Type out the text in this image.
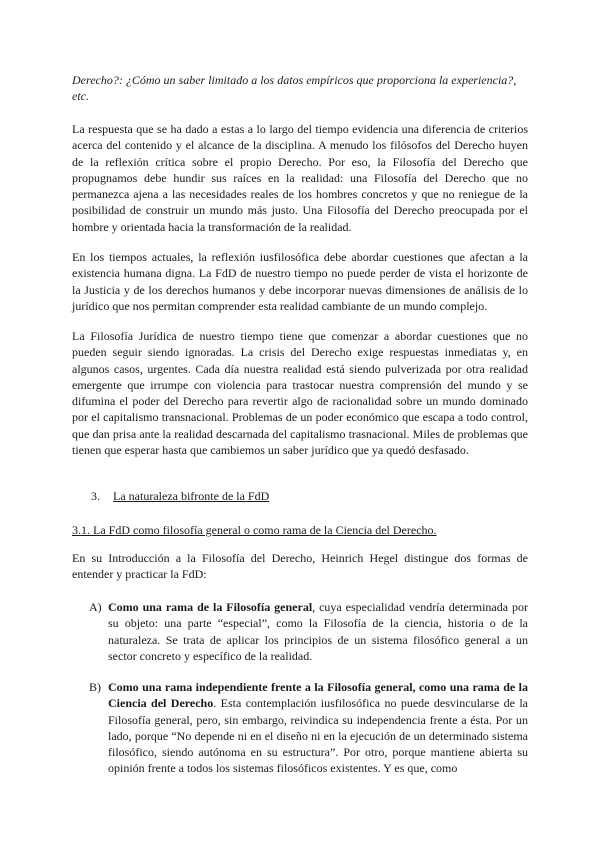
Derecho?: ¿Cómo un saber limitado a los datos empíricos que proporciona la experiencia?, etc.

La respuesta que se ha dado a estas a lo largo del tiempo evidencia una diferencia de criterios acerca del contenido y el alcance de la disciplina. A menudo los filósofos del Derecho huyen de la reflexión crítica sobre el propio Derecho. Por eso, la Filosofía del Derecho que propugnamos debe hundir sus raíces en la realidad: una Filosofía del Derecho que no permanezca ajena a las necesidades reales de los hombres concretos y que no reniegue de la posibilidad de construir un mundo más justo. Una Filosofía del Derecho preocupada por el hombre y orientada hacia la transformación de la realidad.

En los tiempos actuales, la reflexión iusfilosófica debe abordar cuestiones que afectan a la existencia humana digna. La FdD de nuestro tiempo no puede perder de vista el horizonte de la Justicia y de los derechos humanos y debe incorporar nuevas dimensiones de análisis de lo jurídico que nos permitan comprender esta realidad cambiante de un mundo complejo.

La Filosofía Jurídica de nuestro tiempo tiene que comenzar a abordar cuestiones que no pueden seguir siendo ignoradas. La crisis del Derecho exige respuestas inmediatas y, en algunos casos, urgentes. Cada día nuestra realidad está siendo pulverizada por otra realidad emergente que irrumpe con violencia para trastocar nuestra comprensión del mundo y se difumina el poder del Derecho para revertir algo de racionalidad sobre un mundo dominado por el capitalismo transnacional. Problemas de un poder económico que escapa a todo control, que dan prisa ante la realidad descarnada del capitalismo trasnacional. Miles de problemas que tienen que esperar hasta que cambiemos un saber jurídico que ya quedó desfasado.

3. La naturaleza bifronte de la FdD

3.1. La FdD como filosofía general o como rama de la Ciencia del Derecho.

En su Introducción a la Filosofía del Derecho, Heinrich Hegel distingue dos formas de entender y practicar la FdD:

A) Como una rama de la Filosofía general, cuya especialidad vendría determinada por su objeto: una parte “especial”, como la Filosofía de la ciencia, historia o de la naturaleza. Se trata de aplicar los principios de un sistema filosófico general a un sector concreto y específico de la realidad.
B) Como una rama independiente frente a la Filosofía general, como una rama de la Ciencia del Derecho. Esta contemplación iusfilosófica no puede desvincularse de la Filosofía general, pero, sin embargo, reivindica su independencia frente a ésta. Por un lado, porque “No depende ni en el diseño ni en la ejecución de un determinado sistema filosófico, siendo autónoma en su estructura”. Por otro, porque mantiene abierta su opinión frente a todos los sistemas filosóficos existentes. Y es que, como
